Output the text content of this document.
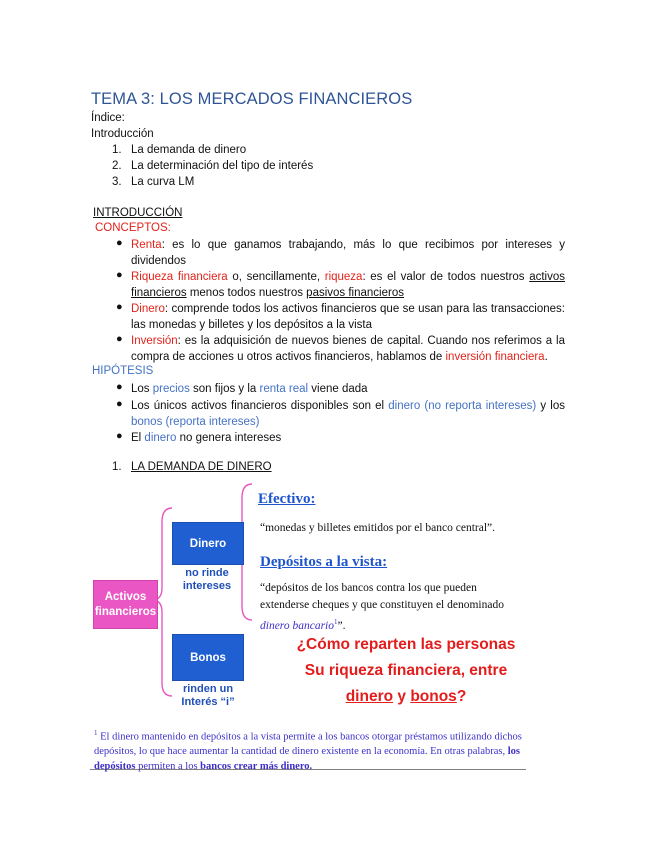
TEMA 3: LOS MERCADOS FINANCIEROS
Índice:
Introducción
1. La demanda de dinero
2. La determinación del tipo de interés
3. La curva LM
INTRODUCCIÓN
CONCEPTOS:
● Renta: es lo que ganamos trabajando, más lo que recibimos por intereses y dividendos
● Riqueza financiera o, sencillamente, riqueza: es el valor de todos nuestros activos financieros menos todos nuestros pasivos financieros
● Dinero: comprende todos los activos financieros que se usan para las transacciones: las monedas y billetes y los depósitos a la vista
● Inversión: es la adquisición de nuevos bienes de capital. Cuando nos referimos a la compra de acciones u otros activos financieros, hablamos de inversión financiera.
HIPÓTESIS
● Los precios son fijos y la renta real viene dada
● Los únicos activos financieros disponibles son el dinero (no reporta intereses) y los bonos (reporta intereses)
● El dinero no genera intereses
1. LA DEMANDA DE DINERO
Activos financieros
Dinero
no rinde intereses
Bonos
rinden un Interés “i”
Efectivo:
“monedas y billetes emitidos por el banco central”.
Depósitos a la vista:
“depósitos de los bancos contra los que pueden
extenderse cheques y que constituyen el denominado
dinero bancario$^1$”.
¿Cómo reparten las personas
Su riqueza financiera, entre
dinero y bonos?
$^1$ El dinero mantenido en depósitos a la vista permite a los bancos otorgar préstamos utilizando dichos depósitos, lo que hace aumentar la cantidad de dinero existente en la economía. En otras palabras, los depósitos permiten a los bancos crear más dinero.
